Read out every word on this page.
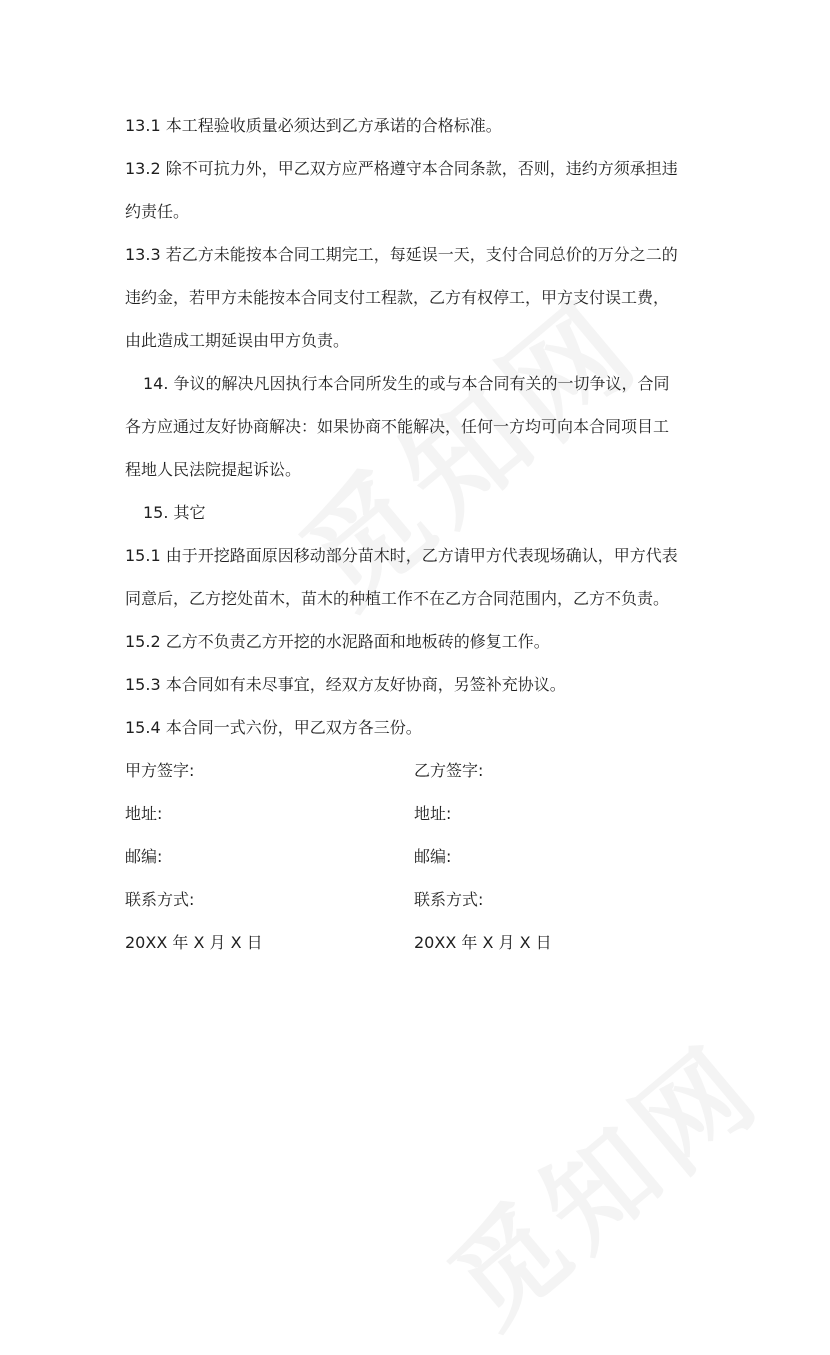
13.1 本工程验收质量必须达到乙方承诺的合格标准。

13.2 除不可抗力外，甲乙双方应严格遵守本合同条款，否则，违约方须承担违

约责任。

13.3 若乙方未能按本合同工期完工，每延误一天，支付合同总价的万分之二的

违约金，若甲方未能按本合同支付工程款，乙方有权停工，甲方支付误工费，

由此造成工期延误由甲方负责。

14. 争议的解决凡因执行本合同所发生的或与本合同有关的一切争议，合同

各方应通过友好协商解决：如果协商不能解决，任何一方均可向本合同项目工

程地人民法院提起诉讼。

15. 其它

15.1 由于开挖路面原因移动部分苗木时，乙方请甲方代表现场确认，甲方代表

同意后，乙方挖处苗木，苗木的种植工作不在乙方合同范围内，乙方不负责。

15.2 乙方不负责乙方开挖的水泥路面和地板砖的修复工作。

15.3 本合同如有未尽事宜，经双方友好协商，另签补充协议。

15.4 本合同一式六份，甲乙双方各三份。

甲方签字:	乙方签字:
地址:	地址:
邮编:	邮编:
联系方式:	联系方式:
20XX 年 X 月 X 日	20XX 年 X 月 X 日
